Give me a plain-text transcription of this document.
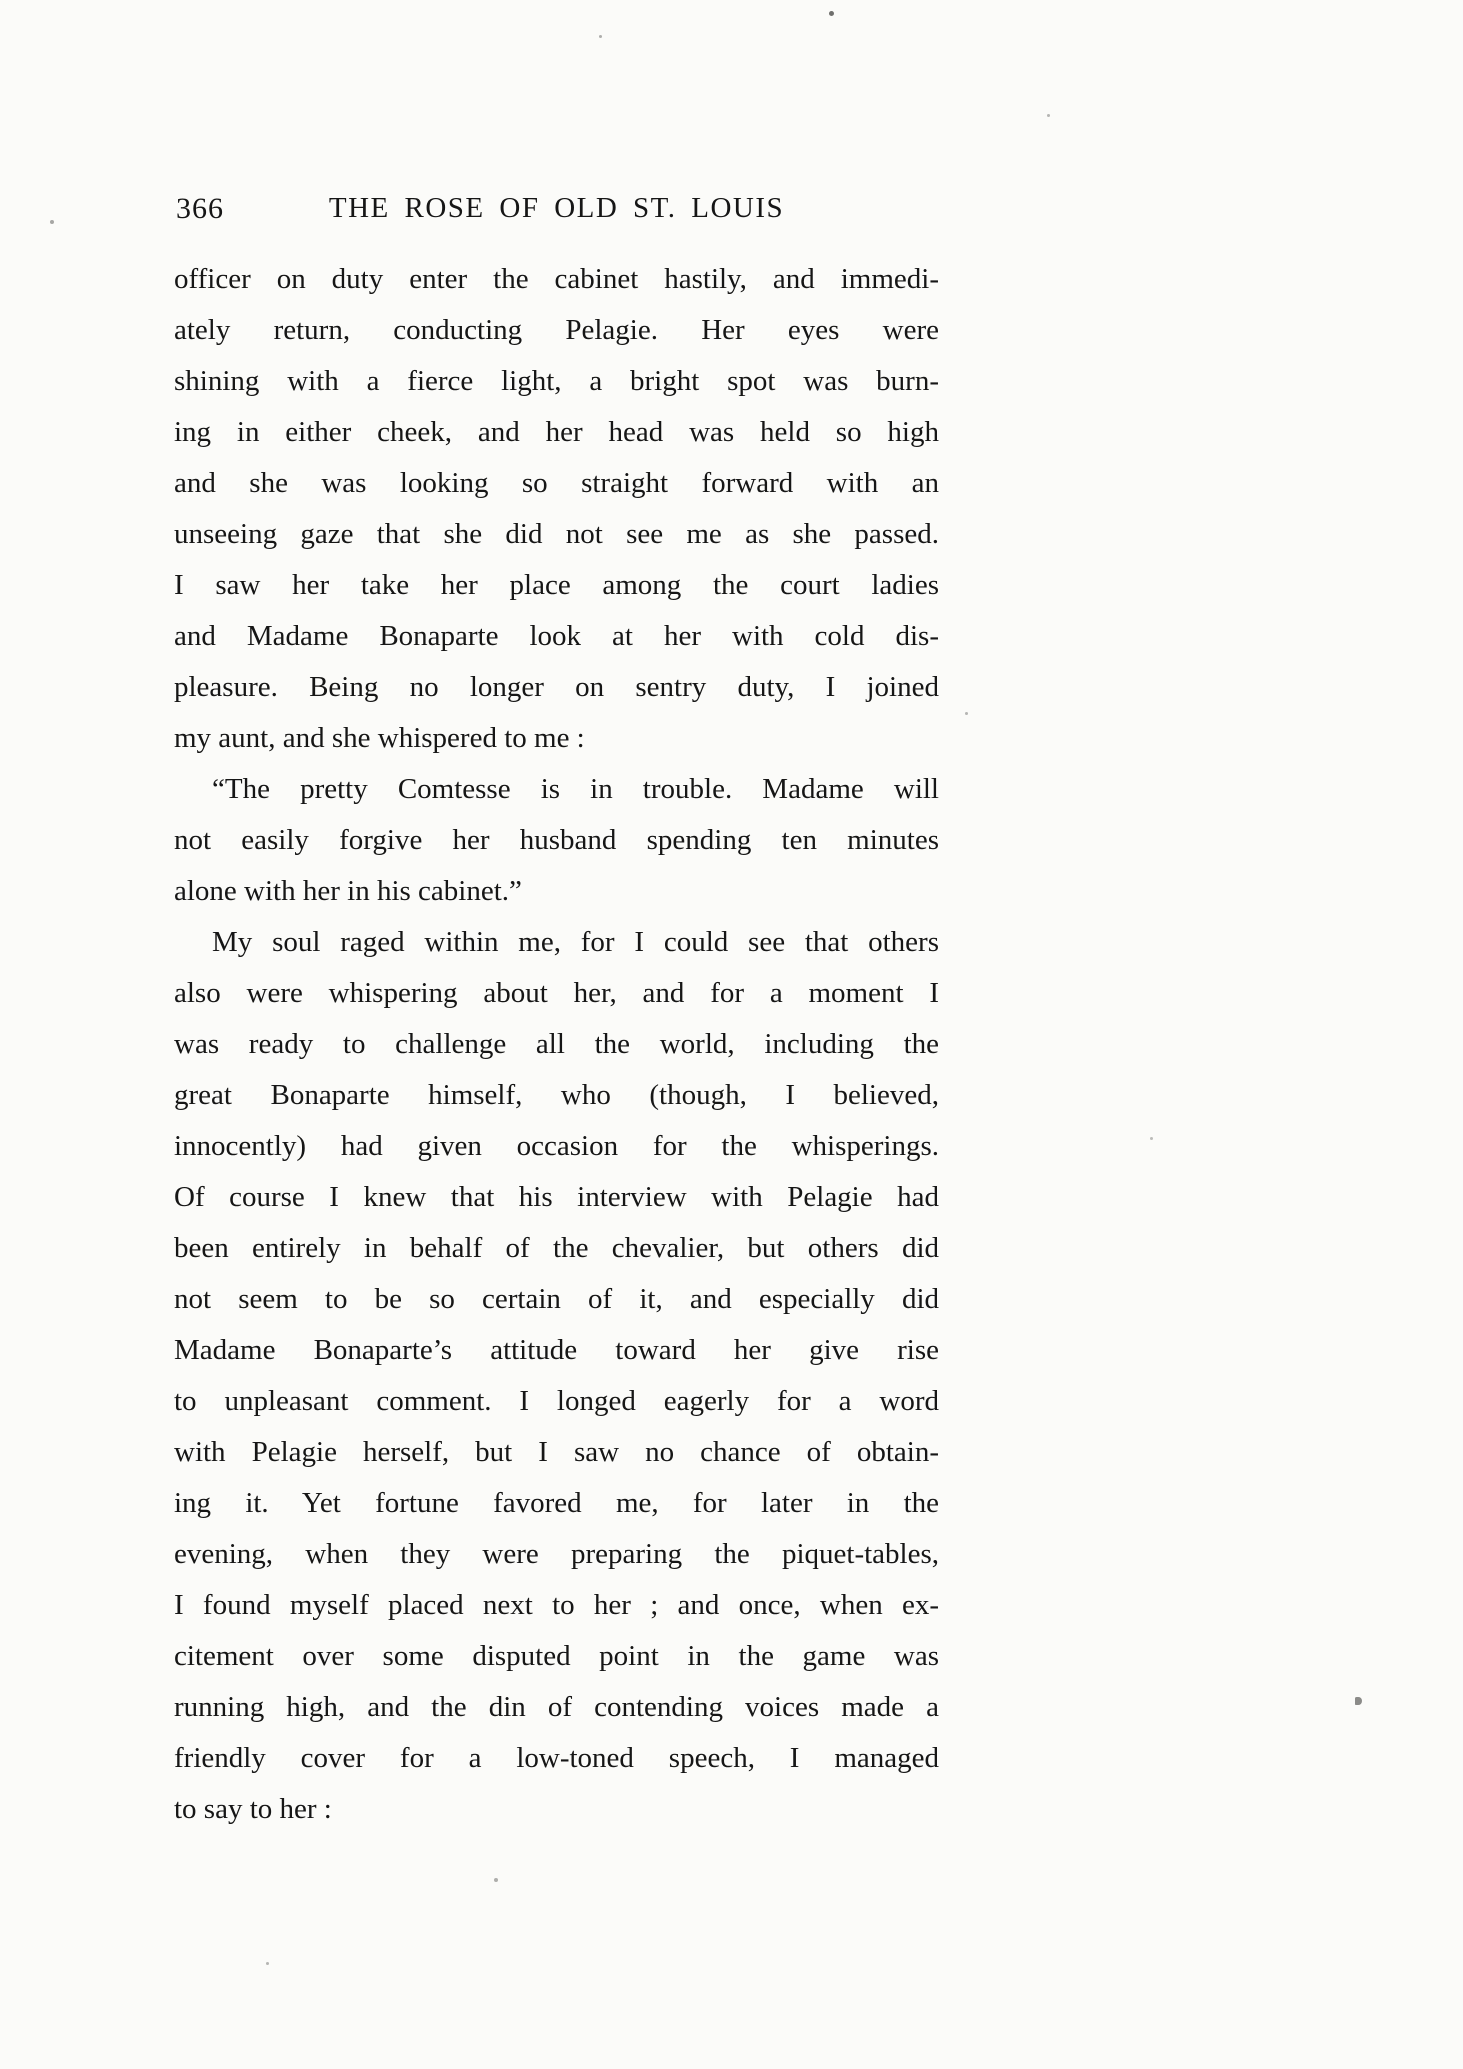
366	THE ROSE OF OLD ST. LOUIS
officer on duty enter the cabinet hastily, and immedi-
ately return, conducting Pelagie. Her eyes were
shining with a fierce light, a bright spot was burn-
ing in either cheek, and her head was held so high
and she was looking so straight forward with an
unseeing gaze that she did not see me as she passed.
I saw her take her place among the court ladies
and Madame Bonaparte look at her with cold dis-
pleasure. Being no longer on sentry duty, I joined
my aunt, and she whispered to me :
“The pretty Comtesse is in trouble. Madame will
not easily forgive her husband spending ten minutes
alone with her in his cabinet.”
My soul raged within me, for I could see that others
also were whispering about her, and for a moment I
was ready to challenge all the world, including the
great Bonaparte himself, who (though, I believed,
innocently) had given occasion for the whisperings.
Of course I knew that his interview with Pelagie had
been entirely in behalf of the chevalier, but others did
not seem to be so certain of it, and especially did
Madame Bonaparte’s attitude toward her give rise
to unpleasant comment. I longed eagerly for a word
with Pelagie herself, but I saw no chance of obtain-
ing it. Yet fortune favored me, for later in the
evening, when they were preparing the piquet-tables,
I found myself placed next to her ; and once, when ex-
citement over some disputed point in the game was
running high, and the din of contending voices made a
friendly cover for a low-toned speech, I managed
to say to her :
